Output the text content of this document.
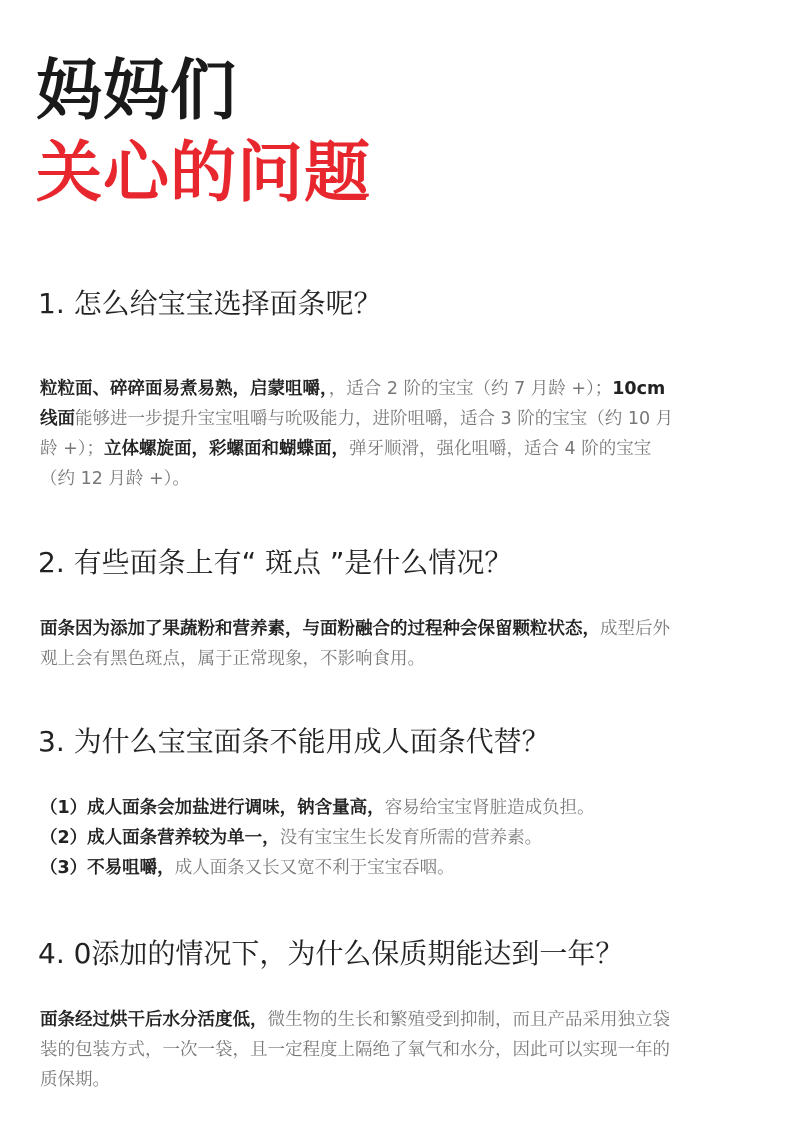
妈妈们
关心的问题
1. 怎么给宝宝选择面条呢？
粒粒面、碎碎面易煮易熟，启蒙咀嚼，，适合 2 阶的宝宝（约 7 月龄 +）；10cm 线面能够进一步提升宝宝咀嚼与吮吸能力，进阶咀嚼，适合 3 阶的宝宝（约 10 月龄 +）；立体螺旋面，彩螺面和蝴蝶面，弹牙顺滑，强化咀嚼，适合 4 阶的宝宝（约 12 月龄 +）。
2. 有些面条上有“ 斑点 ”是什么情况？
面条因为添加了果蔬粉和营养素，与面粉融合的过程种会保留颗粒状态，成型后外观上会有黑色斑点，属于正常现象，不影响食用。
3. 为什么宝宝面条不能用成人面条代替？
（1）成人面条会加盐进行调味，钠含量高，容易给宝宝肾脏造成负担。
（2）成人面条营养较为单一，没有宝宝生长发育所需的营养素。
（3）不易咀嚼，成人面条又长又宽不利于宝宝吞咽。
4. 0添加的情况下，为什么保质期能达到一年？
面条经过烘干后水分活度低，微生物的生长和繁殖受到抑制，而且产品采用独立袋装的包装方式，一次一袋，且一定程度上隔绝了氧气和水分，因此可以实现一年的质保期。
